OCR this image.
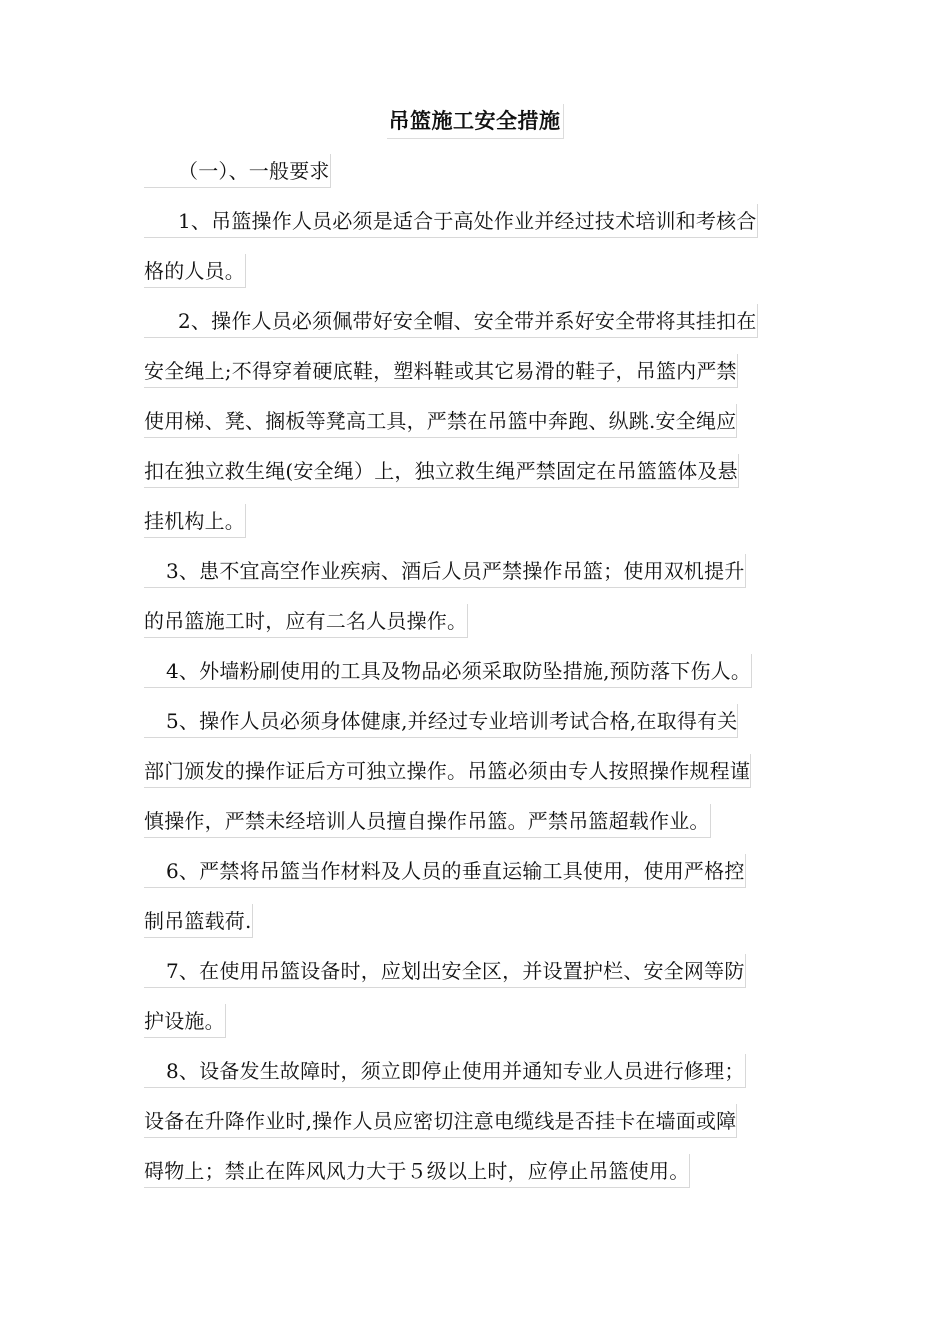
吊篮施工安全措施
（一）、一般要求
1、吊篮操作人员必须是适合于高处作业并经过技术培训和考核合
格的人员。
2、操作人员必须佩带好安全帽、安全带并系好安全带将其挂扣在
安全绳上;不得穿着硬底鞋，塑料鞋或其它易滑的鞋子，吊篮内严禁
使用梯、凳、搁板等凳高工具，严禁在吊篮中奔跑、纵跳.安全绳应
扣在独立救生绳(安全绳）上，独立救生绳严禁固定在吊篮篮体及悬
挂机构上。
3、患不宜高空作业疾病、酒后人员严禁操作吊篮；使用双机提升
的吊篮施工时，应有二名人员操作。
4、外墙粉刷使用的工具及物品必须采取防坠措施,预防落下伤人。
5、操作人员必须身体健康,并经过专业培训考试合格,在取得有关
部门颁发的操作证后方可独立操作。吊篮必须由专人按照操作规程谨
慎操作，严禁未经培训人员擅自操作吊篮。严禁吊篮超载作业。
6、严禁将吊篮当作材料及人员的垂直运输工具使用，使用严格控
制吊篮载荷.
7、在使用吊篮设备时，应划出安全区，并设置护栏、安全网等防
护设施。
8、设备发生故障时，须立即停止使用并通知专业人员进行修理；
设备在升降作业时,操作人员应密切注意电缆线是否挂卡在墙面或障
碍物上；禁止在阵风风力大于５级以上时，应停止吊篮使用。
